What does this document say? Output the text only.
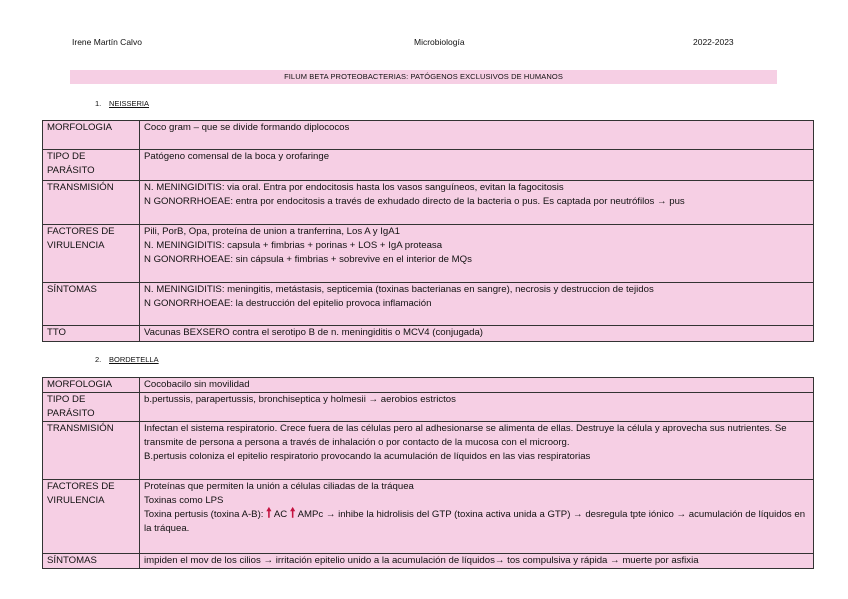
Irene Martín Calvo	Microbiología	2022-2023
FILUM BETA PROTEOBACTERIAS: PATÓGENOS EXCLUSIVOS DE HUMANOS
1. NEISSERIA
MORFOLOGIA	Coco gram – que se divide formando diplococos

TIPO DE PARÁSITO	Patógeno comensal de la boca y orofaringe

TRANSMISIÓN	N. MENINGIDITIS: via oral. Entra por endocitosis hasta los vasos sanguíneos, evitan la fagocitosis
N GONORRHOEAE: entra por endocitosis a través de exhudado directo de la bacteria o pus. Es captada por neutrófilos → pus

FACTORES DE VIRULENCIA	Pili, PorB, Opa, proteína de union a tranferrina, Los A y IgA1
N. MENINGIDITIS: capsula + fimbrias + porinas + LOS + IgA proteasa
N GONORRHOEAE: sin cápsula + fimbrias + sobrevive en el interior de MQs

SÍNTOMAS	N. MENINGIDITIS: meningitis, metástasis, septicemia (toxinas bacterianas en sangre), necrosis y destruccion de tejidos
N GONORRHOEAE: la destrucción del epitelio provoca inflamación

TTO	Vacunas BEXSERO contra el serotipo B de n. meningiditis o MCV4 (conjugada)
2. BORDETELLA
MORFOLOGIA	Cocobacilo sin movilidad

TIPO DE PARÁSITO	b.pertussis, parapertussis, bronchiseptica y holmesii → aerobios estrictos

TRANSMISIÓN	Infectan el sistema respiratorio. Crece fuera de las células pero al adhesionarse se alimenta de ellas. Destruye la célula y aprovecha sus nutrientes. Se transmite de persona a persona a través de inhalación o por contacto de la mucosa con el microorg.
B.pertusis coloniza el epitelio respiratorio provocando la acumulación de líquidos en las vias respiratorias

FACTORES DE VIRULENCIA	Proteínas que permiten la unión a células ciliadas de la tráquea
Toxinas como LPS
Toxina pertusis (toxina A-B): 🠕 AC 🠕 AMPc → inhibe la hidrolisis del GTP (toxina activa unida a GTP) → desregula tpte iónico → acumulación de líquidos en la tráquea.

SÍNTOMAS	impiden el mov de los cilios → irritación epitelio unido a la acumulación de líquidos→ tos compulsiva y rápida → muerte por asfixia
